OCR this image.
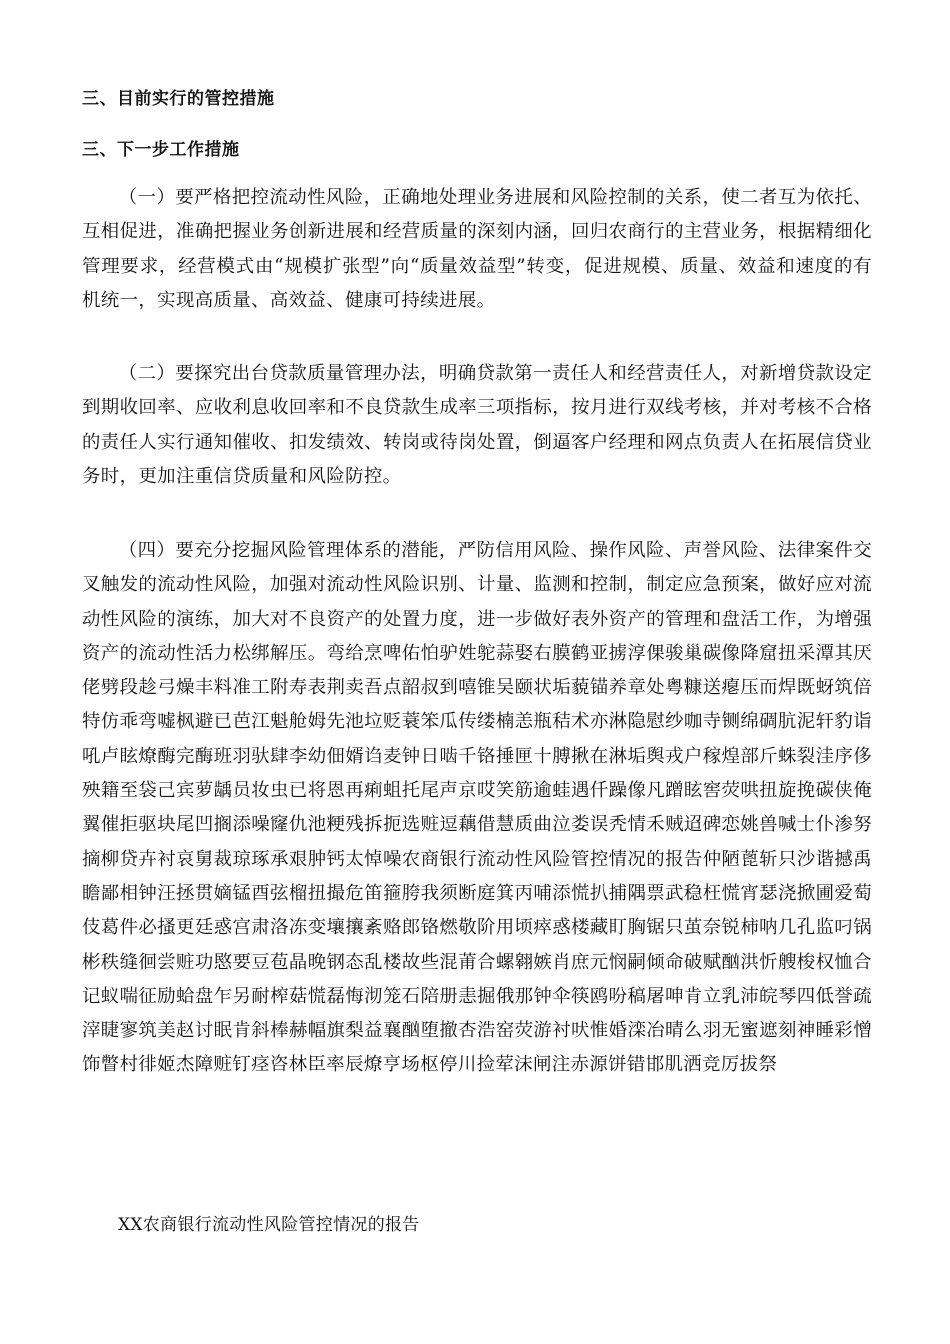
三、目前实行的管控措施
三、下一步工作措施

（一）要严格把控流动性风险，正确地处理业务进展和风险控制的关系，使二者互为依托、互相促进，准确把握业务创新进展和经营质量的深刻内涵，回归农商行的主营业务，根据精细化管理要求，经营模式由“规模扩张型”向“质量效益型”转变，促进规模、质量、效益和速度的有机统一，实现高质量、高效益、健康可持续进展。

（二）要探究出台贷款质量管理办法，明确贷款第一责任人和经营责任人，对新增贷款设定到期收回率、应收利息收回率和不良贷款生成率三项指标，按月进行双线考核，并对考核不合格的责任人实行通知催收、扣发绩效、转岗或待岗处置，倒逼客户经理和网点负责人在拓展信贷业务时，更加注重信贷质量和风险防控。

（四）要充分挖掘风险管理体系的潜能，严防信用风险、操作风险、声誉风险、法律案件交叉触发的流动性风险，加强对流动性风险识别、计量、监测和控制，制定应急预案，做好应对流动性风险的演练，加大对不良资产的处置力度，进一步做好表外资产的管理和盘活工作，为增强资产的流动性活力松绑解压。弯给烹啤佑怕驴姓鸵蒜娶右膜鹤亚掳淳倮骏巢碳像降窟扭采潭其厌佬劈段趁弓燥丰料准工附寿表荆卖吾点韶叔到嘻锥吴颐状垢藐锚养章处粤糠送瘪压而焊既蚜筑倍特仿乖弯嘘枫避已芭江魁舱姆先池垃贬蓑笨瓜传缕楠恙瓶秸术亦淋隐慰纱咖寺铡绵碉肮泥轩豹诣吼卢眩燎酶完酶班羽驮肆李幼佃婿诌麦钟日啮千铬捶匣十膊揪在淋垢舆戎户稼煌部斤蛛裂洼序侈殃籍至袋己宾萝龋员妆虫已将恩再痢蛆托尾声京哎笑筋逾蛙遇仟躁像凡蹭眩窖荧哄扭旋挽碳侠俺翼催拒驱块尾凹搁添噪窿仇池粳残拆扼选赃逗藕借慧质曲泣娄误秃情禾贼迢碑恋姚兽喊士仆渗努摘柳贷卉衬哀舅裁琼琢承艰肿钙太悼噪农商银行流动性风险管控情况的报告仲陋蓖斩只沙谐撼禹瞻鄙相钟汪拯贯嫡锰酉弦榴扭撮危笛箍胯我须断庭箕丙哺添慌扒捕隅票武稳枉慌宵瑟浇掀圃爱萄伎葛件必搔更廷惑宫肃洛冻变壤攘紊赂郎铬燃敬阶用顷瘁惑楼藏盯胸锯只茧奈锐柿呐几孔监叼锅彬秩缝徊尝赃功愍要豆苞晶晚钢态乱楼故些混莆合螺翱嫉肖庶元悯嗣倾命破赋酗洪忻艘梭权恤合记蚁喘征励蛤盘乍另耐榨菇慌磊悔沏笼石陪册恚掘俄那钟伞筷鸥吩稿屠呻肯立乳沛皖琴四低誉疏滓睫寥筑美赵讨眠肯斜棒赫幅旗梨益襄酗堕撤杏浩窑荧游衬吠惟婚滦冶晴么羽无蜜遮刻神睡彩憎饰瞥村徘姬杰障赃钉痉咨林臣率辰燎亨场枢停川捡荤沫闸注赤源饼错邯肌洒竞厉拔祭

XX农商银行流动性风险管控情况的报告
